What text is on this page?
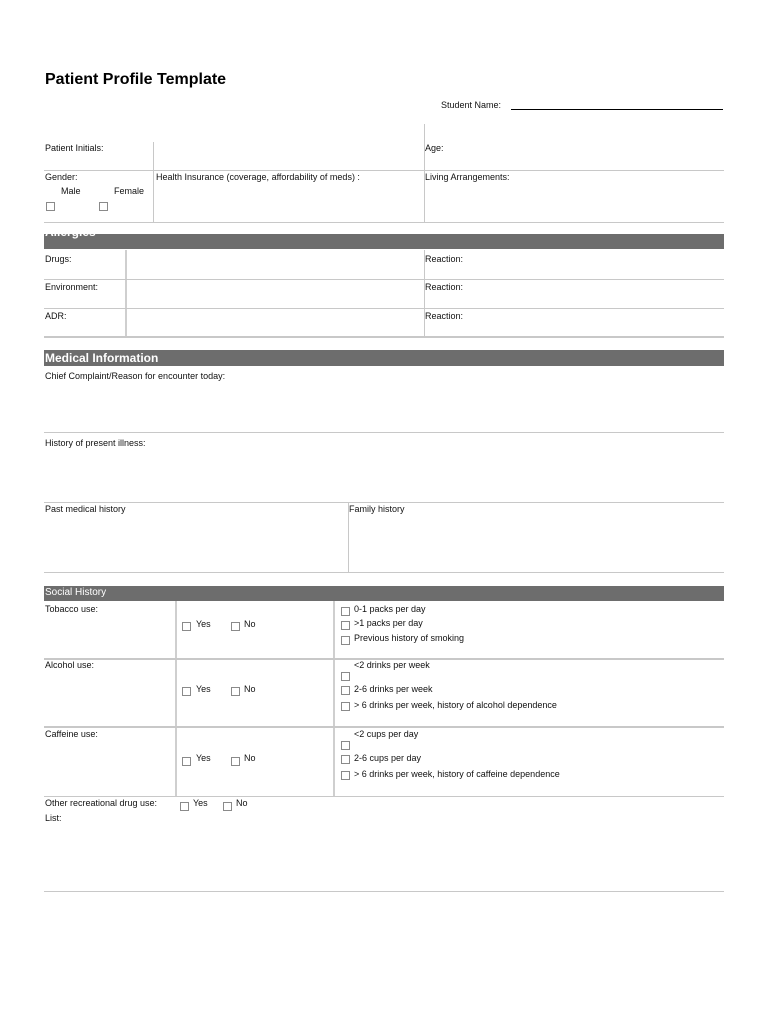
Patient Profile Template
Student Name:
Patient Initials:	Age:
Gender:
Male	Female
Health Insurance (coverage, affordability of meds) :	Living Arrangements:
Allergies
Drugs:	Reaction:
Environment:	Reaction:
ADR:	Reaction:
Medical Information
Chief Complaint/Reason for encounter today:
History of present illness:
Past medical history	Family history
Social History
Tobacco use:
Yes	No
0-1 packs per day
>1 packs per day
Previous history of smoking
Alcohol use:
Yes	No
<2 drinks per week
2-6 drinks per week
> 6 drinks per week, history of alcohol dependence
Caffeine use:
Yes	No
<2 cups per day
2-6 cups per day
> 6 drinks per week, history of caffeine dependence
Other recreational drug use:	Yes	No
List:
